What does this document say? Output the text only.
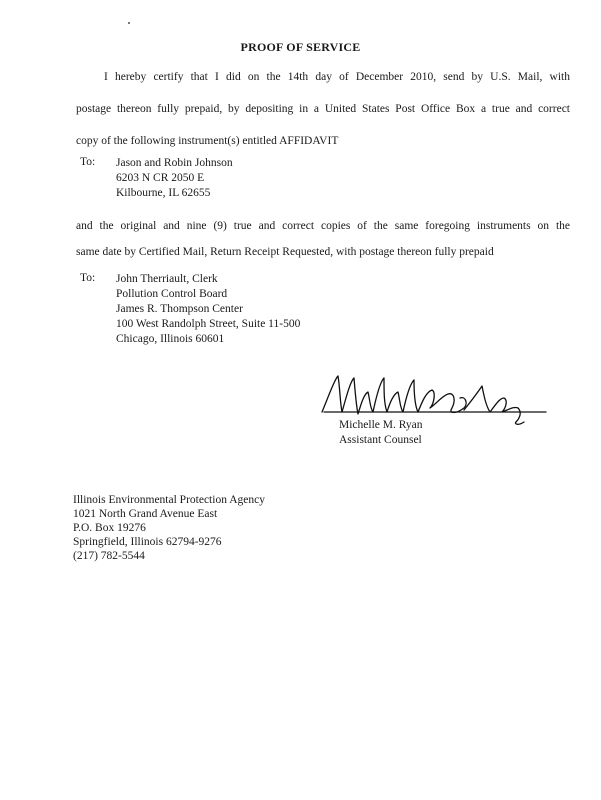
PROOF OF SERVICE
I hereby certify that I did on the 14th day of December 2010, send by U.S. Mail, with
postage thereon fully prepaid, by depositing in a United States Post Office Box a true and correct
copy of the following instrument(s) entitled AFFIDAVIT
To: Jason and Robin Johnson
6203 N CR 2050 E
Kilbourne, IL 62655
and the original and nine (9) true and correct copies of the same foregoing instruments on the
same date by Certified Mail, Return Receipt Requested, with postage thereon fully prepaid
To: John Therriault, Clerk
Pollution Control Board
James R. Thompson Center
100 West Randolph Street, Suite 11-500
Chicago, Illinois 60601
Michelle M. Ryan
Assistant Counsel
Illinois Environmental Protection Agency
1021 North Grand Avenue East
P.O. Box 19276
Springfield, Illinois 62794-9276
(217) 782-5544
